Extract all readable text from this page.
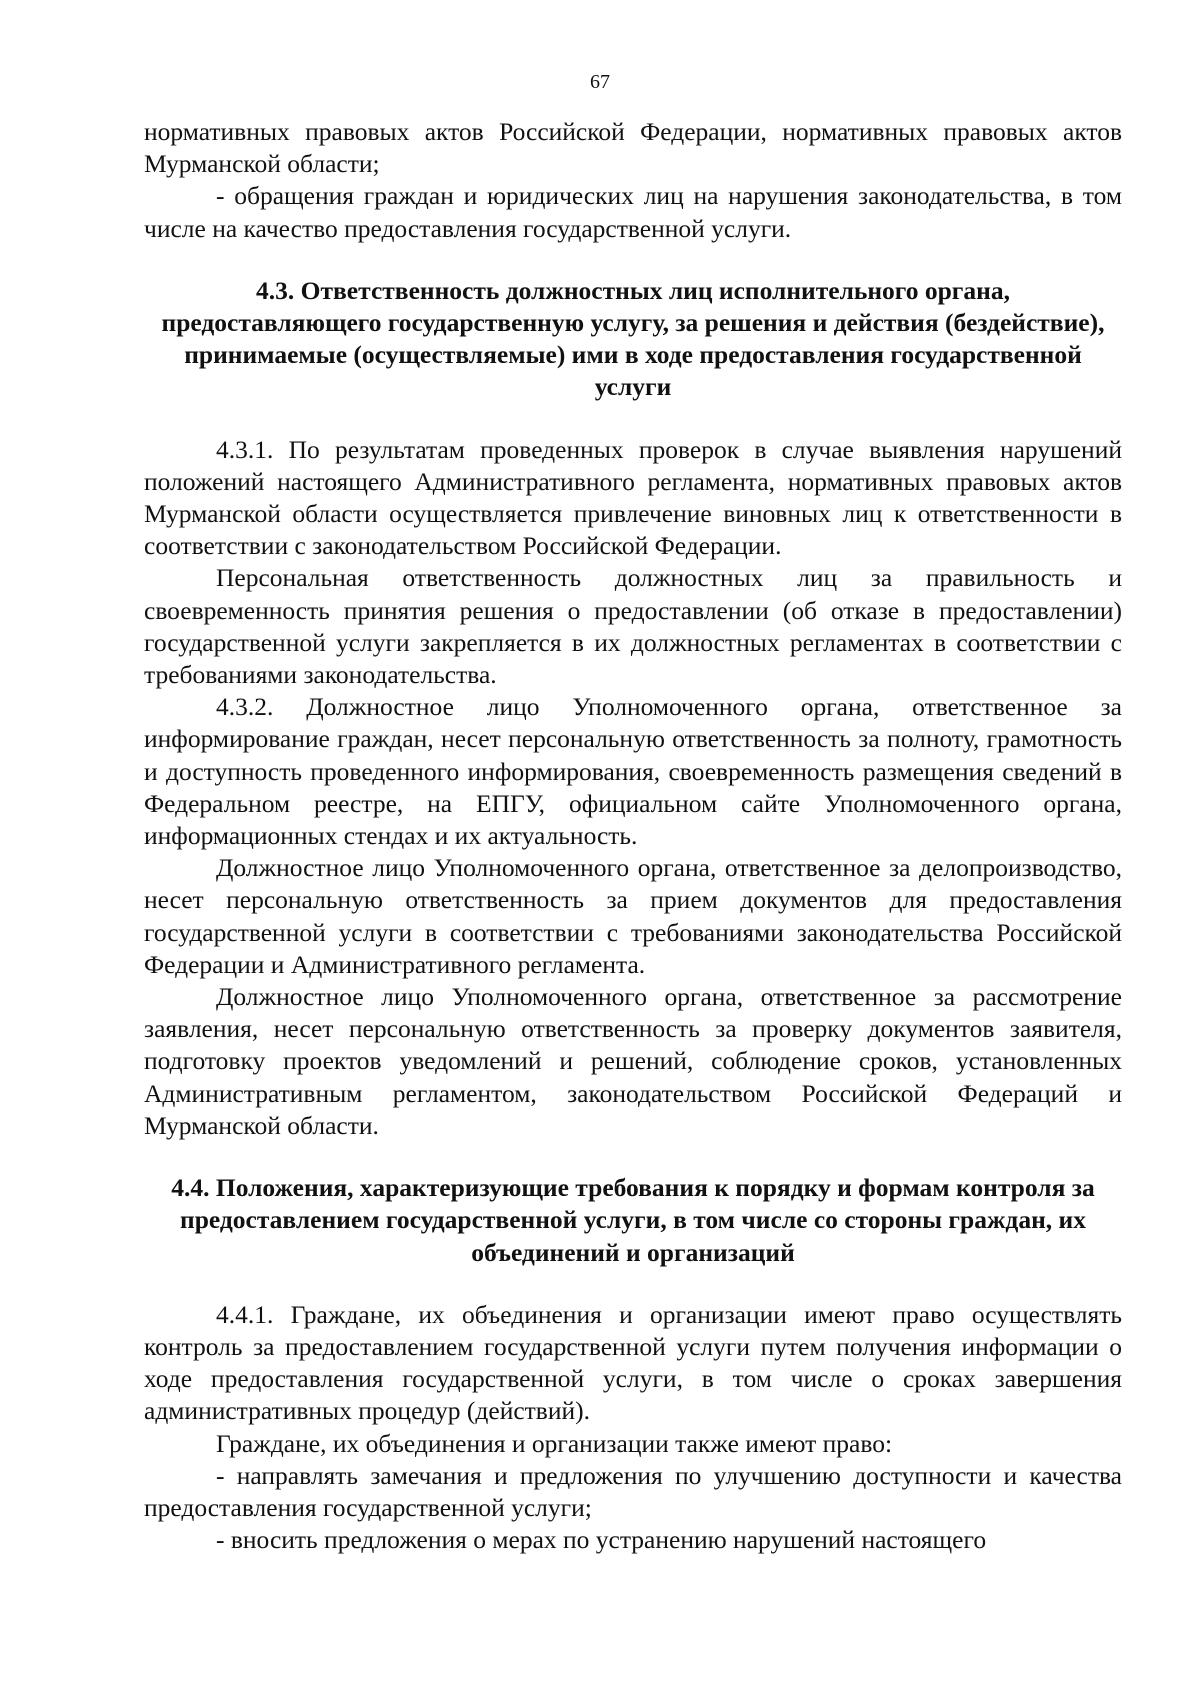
67

нормативных правовых актов Российской Федерации, нормативных правовых актов Мурманской области;

- обращения граждан и юридических лиц на нарушения законодательства, в том числе на качество предоставления государственной услуги.

4.3. Ответственность должностных лиц исполнительного органа, предоставляющего государственную услугу, за решения и действия (бездействие), принимаемые (осуществляемые) ими в ходе предоставления государственной услуги

4.3.1. По результатам проведенных проверок в случае выявления нарушений положений настоящего Административного регламента, нормативных правовых актов Мурманской области осуществляется привлечение виновных лиц к ответственности в соответствии с законодательством Российской Федерации.

Персональная ответственность должностных лиц за правильность и своевременность принятия решения о предоставлении (об отказе в предоставлении) государственной услуги закрепляется в их должностных регламентах в соответствии с требованиями законодательства.

4.3.2. Должностное лицо Уполномоченного органа, ответственное за информирование граждан, несет персональную ответственность за полноту, грамотность и доступность проведенного информирования, своевременность размещения сведений в Федеральном реестре, на ЕПГУ, официальном сайте Уполномоченного органа, информационных стендах и их актуальность.

Должностное лицо Уполномоченного органа, ответственное за делопроизводство, несет персональную ответственность за прием документов для предоставления государственной услуги в соответствии с требованиями законодательства Российской Федерации и Административного регламента.

Должностное лицо Уполномоченного органа, ответственное за рассмотрение заявления, несет персональную ответственность за проверку документов заявителя, подготовку проектов уведомлений и решений, соблюдение сроков, установленных Административным регламентом, законодательством Российской Федераций и Мурманской области.

4.4. Положения, характеризующие требования к порядку и формам контроля за предоставлением государственной услуги, в том числе со стороны граждан, их объединений и организаций

4.4.1. Граждане, их объединения и организации имеют право осуществлять контроль за предоставлением государственной услуги путем получения информации о ходе предоставления государственной услуги, в том числе о сроках завершения административных процедур (действий).

Граждане, их объединения и организации также имеют право:

- направлять замечания и предложения по улучшению доступности и качества предоставления государственной услуги;

- вносить предложения о мерах по устранению нарушений настоящего
